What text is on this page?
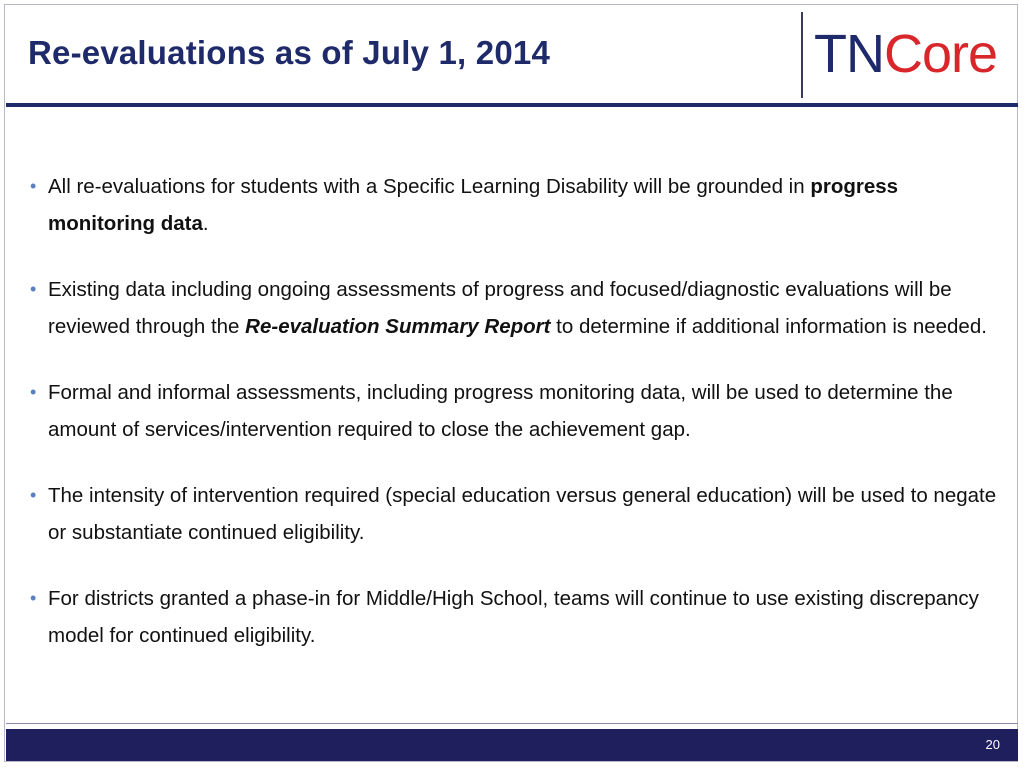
Re-evaluations as of July 1, 2014	TNCore
• All re-evaluations for students with a Specific Learning Disability will be grounded in progress monitoring data.
• Existing data including ongoing assessments of progress and focused/diagnostic evaluations will be reviewed through the Re-evaluation Summary Report to determine if additional information is needed.
• Formal and informal assessments, including progress monitoring data, will be used to determine the amount of services/intervention required to close the achievement gap.
• The intensity of intervention required (special education versus general education) will be used to negate or substantiate continued eligibility.
• For districts granted a phase-in for Middle/High School, teams will continue to use existing discrepancy model for continued eligibility.
20
